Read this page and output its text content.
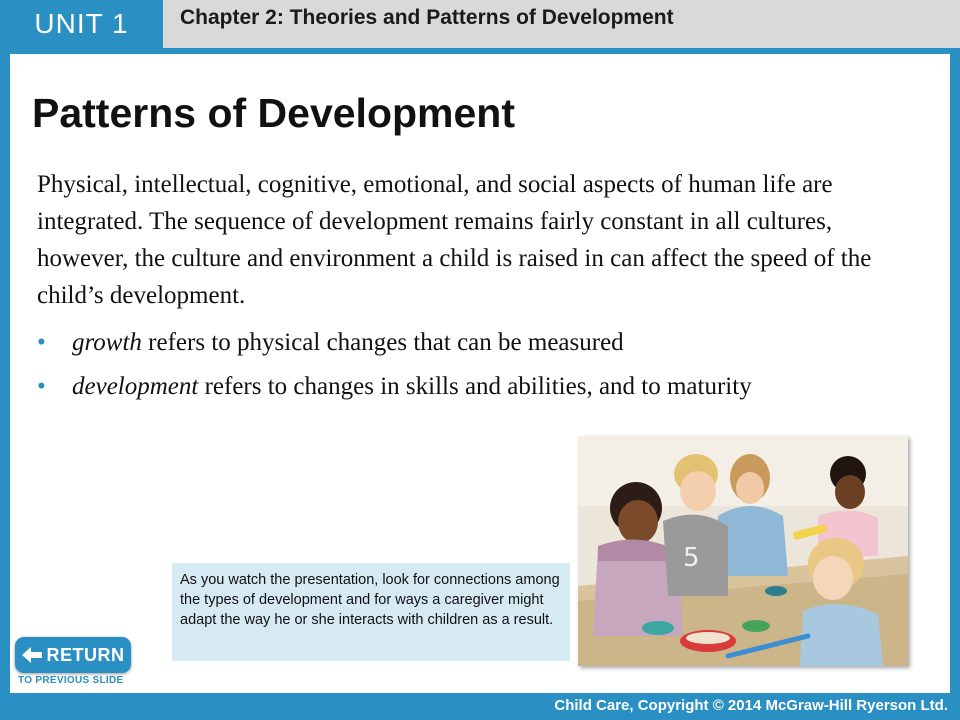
UNIT 1 Chapter 2: Theories and Patterns of Development
Patterns of Development
Physical, intellectual, cognitive, emotional, and social aspects of human life are integrated. The sequence of development remains fairly constant in all cultures, however, the culture and environment a child is raised in can affect the speed of the child’s development.
• growth refers to physical changes that can be measured
• development refers to changes in skills and abilities, and to maturity
5
As you watch the presentation, look for connections among the types of development and for ways a caregiver might adapt the way he or she interacts with children as a result.
RETURN
TO PREVIOUS SLIDE
Child Care, Copyright © 2014 McGraw-Hill Ryerson Ltd.
